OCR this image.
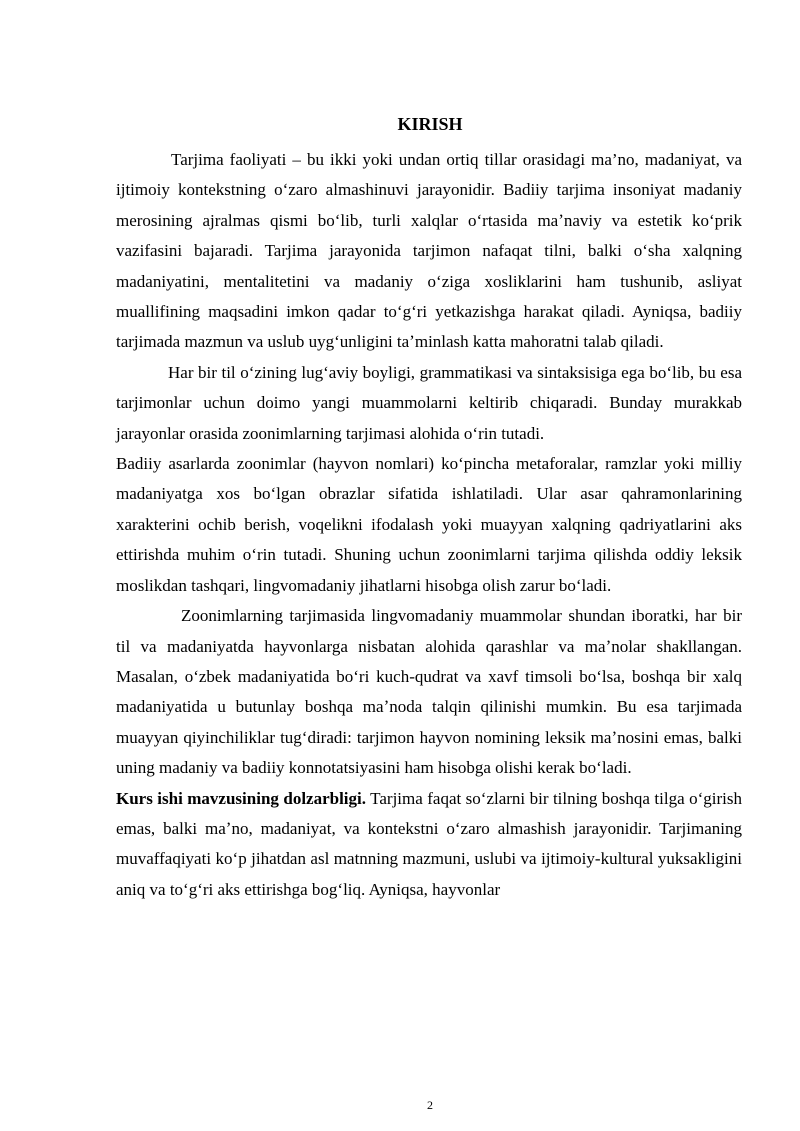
KIRISH

Tarjima faoliyati – bu ikki yoki undan ortiq tillar orasidagi ma’no, madaniyat, va ijtimoiy kontekstning oʻzaro almashinuvi jarayonidir. Badiiy tarjima insoniyat madaniy merosining ajralmas qismi boʻlib, turli xalqlar oʻrtasida maʼnaviy va estetik koʻprik vazifasini bajaradi. Tarjima jarayonida tarjimon nafaqat tilni, balki oʻsha xalqning madaniyatini, mentalitetini va madaniy oʻziga xosliklarini ham tushunib, asliyat muallifining maqsadini imkon qadar toʻgʻri yetkazishga harakat qiladi. Ayniqsa, badiiy tarjimada mazmun va uslub uygʻunligini taʼminlash katta mahoratni talab qiladi.

Har bir til oʻzining lugʻaviy boyligi, grammatikasi va sintaksisiga ega boʻlib, bu esa tarjimonlar uchun doimo yangi muammolarni keltirib chiqaradi. Bunday murakkab jarayonlar orasida zoonimlarning tarjimasi alohida oʻrin tutadi.

Badiiy asarlarda zoonimlar (hayvon nomlari) koʻpincha metaforalar, ramzlar yoki milliy madaniyatga xos boʻlgan obrazlar sifatida ishlatiladi. Ular asar qahramonlarining xarakterini ochib berish, voqelikni ifodalash yoki muayyan xalqning qadriyatlarini aks ettirishda muhim oʻrin tutadi. Shuning uchun zoonimlarni tarjima qilishda oddiy leksik moslikdan tashqari, lingvomadaniy jihatlarni hisobga olish zarur boʻladi.

Zoonimlarning tarjimasida lingvomadaniy muammolar shundan iboratki, har bir til va madaniyatda hayvonlarga nisbatan alohida qarashlar va maʼnolar shakllangan. Masalan, oʻzbek madaniyatida boʻri kuch-qudrat va xavf timsoli boʻlsa, boshqa bir xalq madaniyatida u butunlay boshqa maʼnoda talqin qilinishi mumkin. Bu esa tarjimada muayyan qiyinchiliklar tugʻdiradi: tarjimon hayvon nomining leksik maʼnosini emas, balki uning madaniy va badiiy konnotatsiyasini ham hisobga olishi kerak boʻladi.

Kurs ishi mavzusining dolzarbligi. Tarjima faqat soʻzlarni bir tilning boshqa tilga oʻgirish emas, balki maʼno, madaniyat, va kontekstni oʻzaro almashish jarayonidir. Tarjimaning muvaffaqiyati koʻp jihatdan asl matnning mazmuni, uslubi va ijtimoiy-kultural yuksakligini aniq va toʻgʻri aks ettirishga bogʻliq. Ayniqsa, hayvonlar

2
